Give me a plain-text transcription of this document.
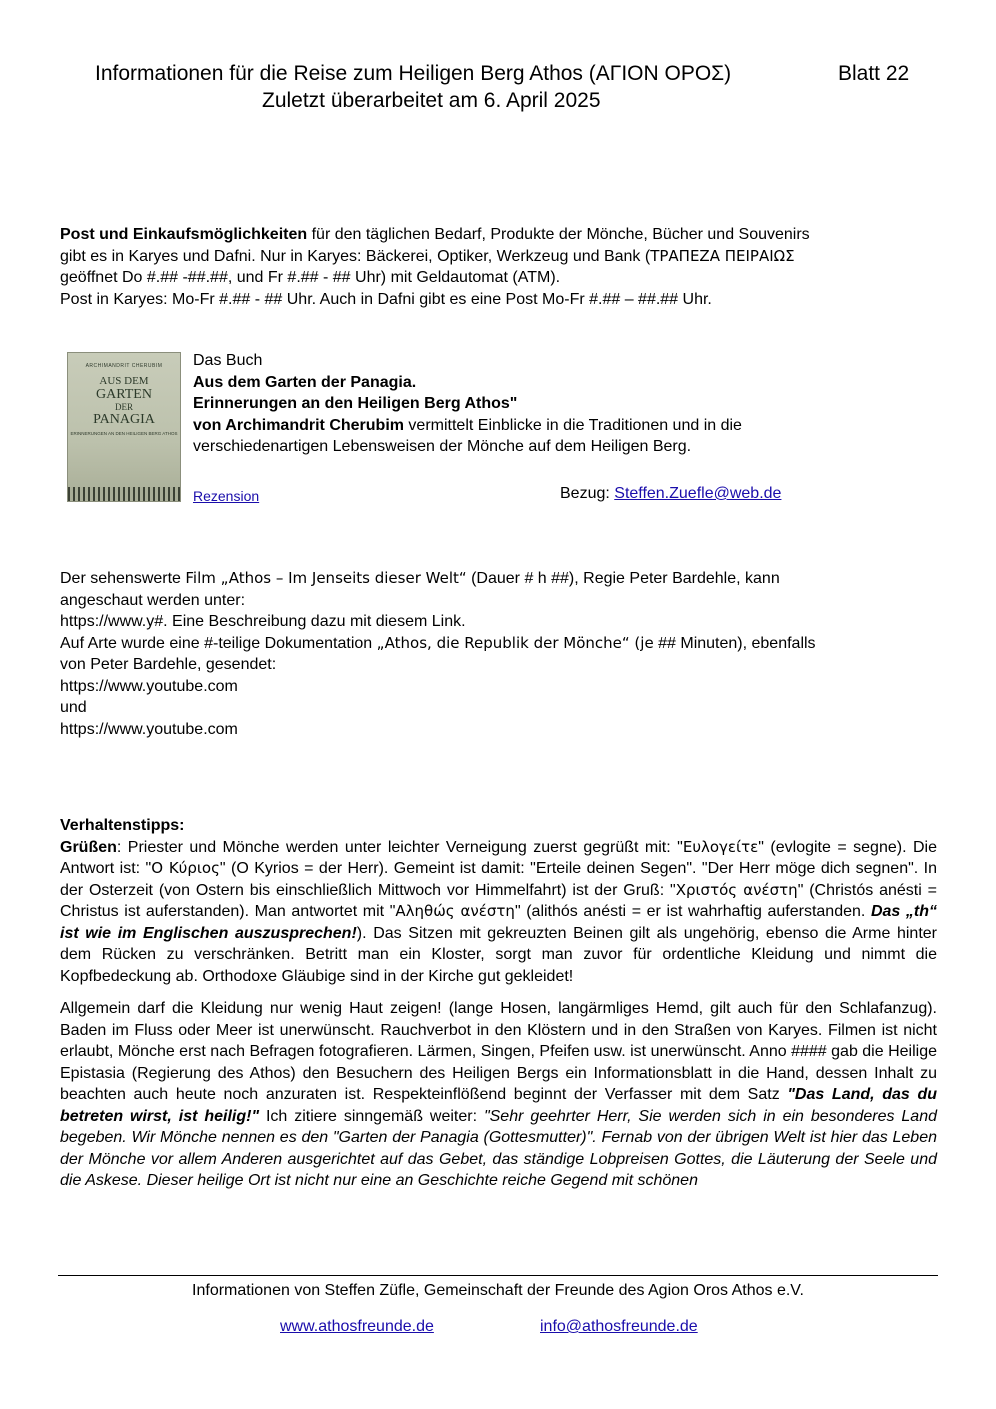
Informationen für die Reise zum Heiligen Berg Athos (ΑΓΙΟΝ ΟΡΟΣ)	Blatt 22
Zuletzt überarbeitet am 6. April 2025

Post und Einkaufsmöglichkeiten für den täglichen Bedarf, Produkte der Mönche, Bücher und Souvenirs

gibt es in Karyes und Dafni. Nur in Karyes: Bäckerei, Optiker, Werkzeug und Bank (ΤΡΑΠΕΖΑ ΠΕΙΡΑΙΩΣ

geöffnet Do #.## -##.##, und Fr #.## - ## Uhr) mit Geldautomat (ATM).

Post in Karyes: Mo-Fr #.## - ## Uhr. Auch in Dafni gibt es eine Post Mo-Fr #.## – ##.## Uhr.

ARCHIMANDRIT CHERUBIM
AUS DEM
GARTEN
DER
PANAGIA
ERINNERUNGEN AN DEN HEILIGEN BERG ATHOS

Das Buch

Aus dem Garten der Panagia.

Erinnerungen an den Heiligen Berg Athos"

von Archimandrit Cherubim vermittelt Einblicke in die Traditionen und in die

verschiedenartigen Lebensweisen der Mönche auf dem Heiligen Berg.

Rezension	Bezug: Steffen.Zuefle@web.de

Der sehenswerte Film „Athos – Im Jenseits dieser Welt“ (Dauer # h ##), Regie Peter Bardehle, kann

angeschaut werden unter:

https://www.y#. Eine Beschreibung dazu mit diesem Link.

Auf Arte wurde eine #-teilige Dokumentation „Athos, die Republik der Mönche“ (je ## Minuten), ebenfalls

von Peter Bardehle, gesendet:

https://www.youtube.com

und

https://www.youtube.com

Verhaltenstipps:

Grüßen: Priester und Mönche werden unter leichter Verneigung zuerst gegrüßt mit: "Ευλογείτε" (evlogite = segne). Die Antwort ist: "Ο Κύριος" (O Kyrios = der Herr). Gemeint ist damit: "Erteile deinen Segen". "Der Herr möge dich segnen". In der Osterzeit (von Ostern bis einschließlich Mittwoch vor Himmelfahrt) ist der Gruß: "Χριστός ανέστη" (Christós anésti = Christus ist auferstanden). Man antwortet mit "Αληθώς ανέστη" (alithós anésti = er ist wahrhaftig auferstanden. Das „th“ ist wie im Englischen auszusprechen!). Das Sitzen mit gekreuzten Beinen gilt als ungehörig, ebenso die Arme hinter dem Rücken zu verschränken. Betritt man ein Kloster, sorgt man zuvor für ordentliche Kleidung und nimmt die Kopfbedeckung ab. Orthodoxe Gläubige sind in der Kirche gut gekleidet!

Allgemein darf die Kleidung nur wenig Haut zeigen! (lange Hosen, langärmliges Hemd, gilt auch für den Schlafanzug). Baden im Fluss oder Meer ist unerwünscht. Rauchverbot in den Klöstern und in den Straßen von Karyes. Filmen ist nicht erlaubt, Mönche erst nach Befragen fotografieren. Lärmen, Singen, Pfeifen usw. ist unerwünscht. Anno #### gab die Heilige Epistasia (Regierung des Athos) den Besuchern des Heiligen Bergs ein Informationsblatt in die Hand, dessen Inhalt zu beachten auch heute noch anzuraten ist. Respekteinflößend beginnt der Verfasser mit dem Satz "Das Land, das du betreten wirst, ist heilig!" Ich zitiere sinngemäß weiter: "Sehr geehrter Herr, Sie werden sich in ein besonderes Land begeben. Wir Mönche nennen es den "Garten der Panagia (Gottesmutter)". Fernab von der übrigen Welt ist hier das Leben der Mönche vor allem Anderen ausgerichtet auf das Gebet, das ständige Lobpreisen Gottes, die Läuterung der Seele und die Askese. Dieser heilige Ort ist nicht nur eine an Geschichte reiche Gegend mit schönen

Informationen von Steffen Züfle, Gemeinschaft der Freunde des Agion Oros Athos e.V.
www.athosfreunde.de	info@athosfreunde.de
